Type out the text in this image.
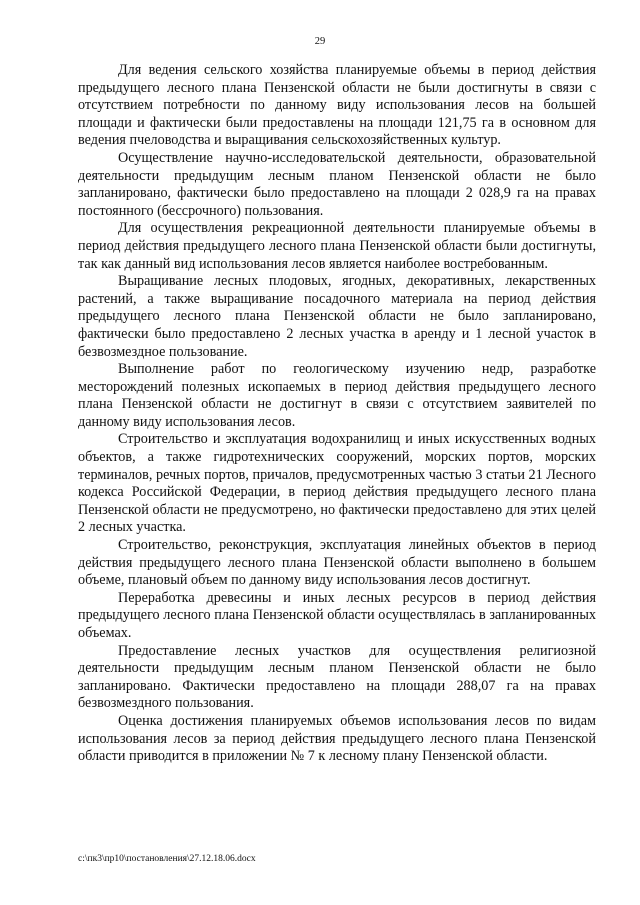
29

Для ведения сельского хозяйства планируемые объемы в период действия предыдущего лесного плана Пензенской области не были достигнуты в связи с отсутствием потребности по данному виду использования лесов на большей площади и фактически были предоставлены на площади 121,75 га в основном для ведения пчеловодства и выращивания сельскохозяйственных культур.

Осуществление научно-исследовательской деятельности, образовательной деятельности предыдущим лесным планом Пензенской области не было запланировано, фактически было предоставлено на площади 2 028,9 га на правах постоянного (бессрочного) пользования.

Для осуществления рекреационной деятельности планируемые объемы в период действия предыдущего лесного плана Пензенской области были достигнуты, так как данный вид использования лесов является наиболее востребованным.

Выращивание лесных плодовых, ягодных, декоративных, лекарственных растений, а также выращивание посадочного материала на период действия предыдущего лесного плана Пензенской области не было запланировано, фактически было предоставлено 2 лесных участка в аренду и 1 лесной участок в безвозмездное пользование.

Выполнение работ по геологическому изучению недр, разработке месторождений полезных ископаемых в период действия предыдущего лесного плана Пензенской области не достигнут в связи с отсутствием заявителей по данному виду использования лесов.

Строительство и эксплуатация водохранилищ и иных искусственных водных объектов, а также гидротехнических сооружений, морских портов, морских терминалов, речных портов, причалов, предусмотренных частью 3 статьи 21 Лесного кодекса Российской Федерации, в период действия предыдущего лесного плана Пензенской области не предусмотрено, но фактически предоставлено для этих целей 2 лесных участка.

Строительство, реконструкция, эксплуатация линейных объектов в период действия предыдущего лесного плана Пензенской области выполнено в большем объеме, плановый объем по данному виду использования лесов достигнут.

Переработка древесины и иных лесных ресурсов в период действия предыдущего лесного плана Пензенской области осуществлялась в запланированных объемах.

Предоставление лесных участков для осуществления религиозной деятельности предыдущим лесным планом Пензенской области не было запланировано. Фактически предоставлено на площади 288,07 га на правах безвозмездного пользования.

Оценка достижения планируемых объемов использования лесов по видам использования лесов за период действия предыдущего лесного плана Пензенской области приводится в приложении № 7 к лесному плану Пензенской области.

c:\пк3\пр10\постановления\27.12.18.06.docx
